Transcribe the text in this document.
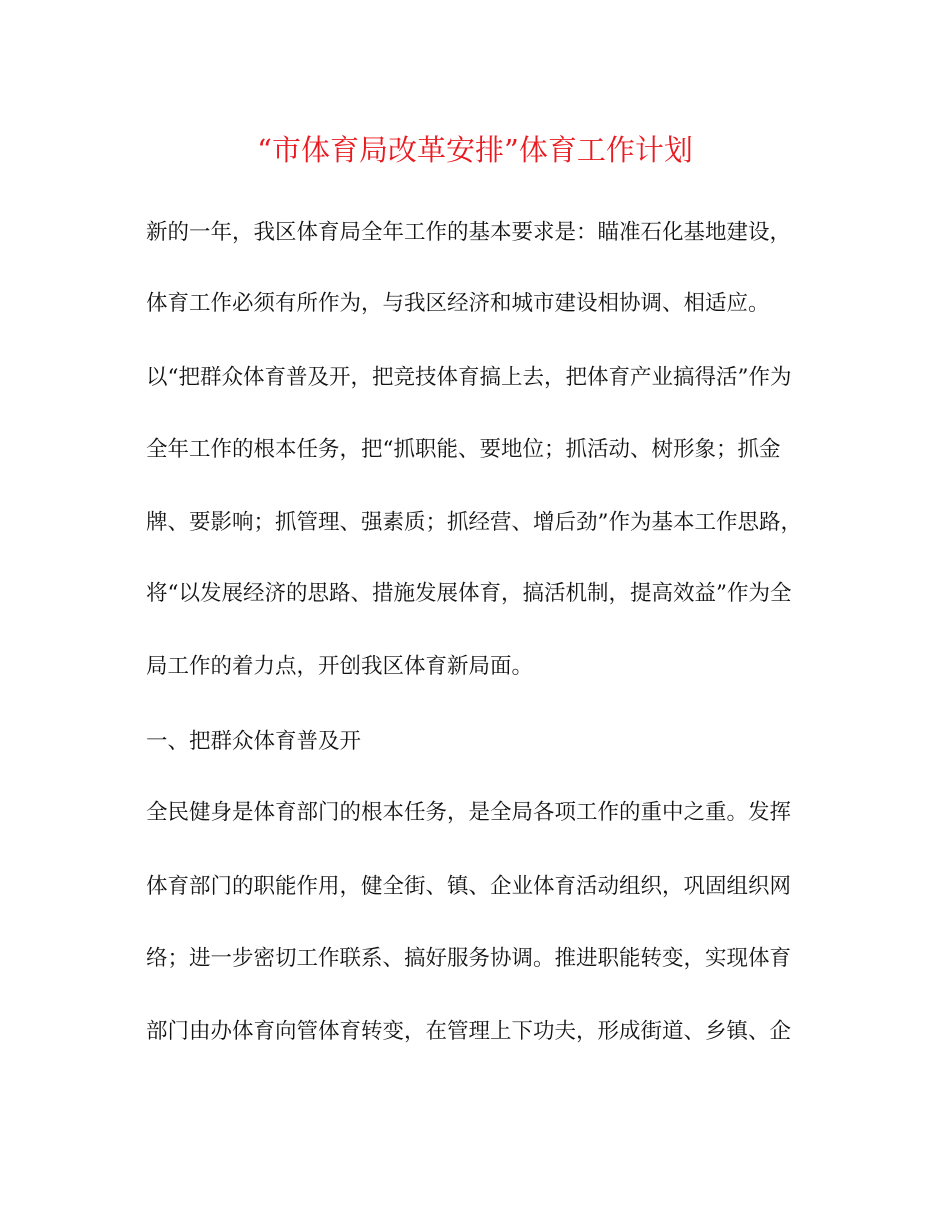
“市体育局改革安排”体育工作计划
新的一年，我区体育局全年工作的基本要求是：瞄准石化基地建设，
体育工作必须有所作为，与我区经济和城市建设相协调、相适应。
以“把群众体育普及开，把竞技体育搞上去，把体育产业搞得活”作为
全年工作的根本任务，把“抓职能、要地位；抓活动、树形象；抓金
牌、要影响；抓管理、强素质；抓经营、增后劲”作为基本工作思路，
将“以发展经济的思路、措施发展体育，搞活机制，提高效益”作为全
局工作的着力点，开创我区体育新局面。
一、把群众体育普及开
全民健身是体育部门的根本任务，是全局各项工作的重中之重。发挥
体育部门的职能作用，健全街、镇、企业体育活动组织，巩固组织网
络；进一步密切工作联系、搞好服务协调。推进职能转变，实现体育
部门由办体育向管体育转变，在管理上下功夫，形成街道、乡镇、企
